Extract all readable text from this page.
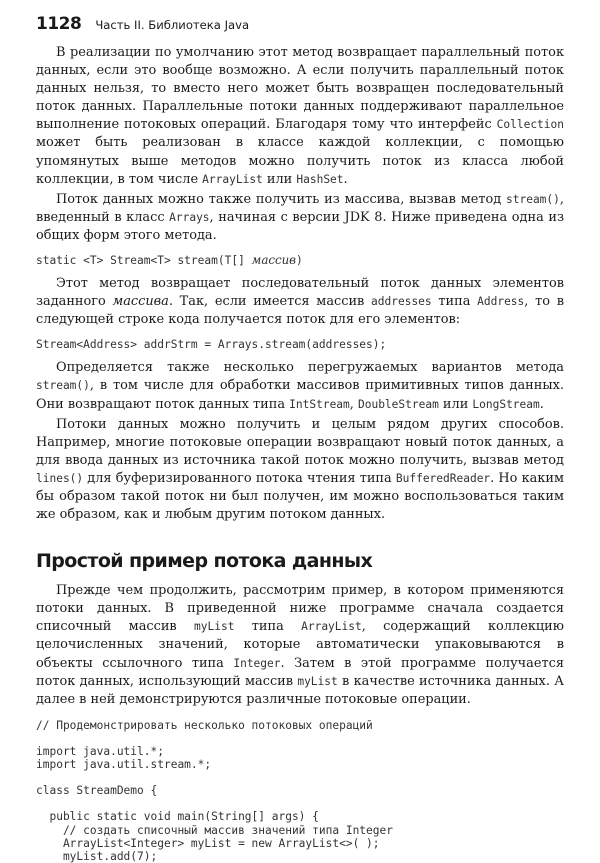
1128 Часть II. Библиотека Java

В реализации по умолчанию этот метод возвращает параллельный поток данных, если это вообще возможно. А если получить параллельный поток данных нельзя, то вместо него может быть возвращен последовательный поток данных. Параллельные потоки данных поддерживают параллельное выполнение потоковых операций. Благодаря тому что интерфейс Collection может быть реализован в классе каждой коллекции, с помощью упомянутых выше методов можно получить поток из класса любой коллекции, в том числе ArrayList или HashSet.

Поток данных можно также получить из массива, вызвав метод stream(), введенный в класс Arrays, начиная с версии JDK 8. Ниже приведена одна из общих форм этого метода.

static <T> Stream<T> stream(T[] массив)

Этот метод возвращает последовательный поток данных элементов заданного массива. Так, если имеется массив addresses типа Address, то в следующей строке кода получается поток для его элементов:

Stream<Address> addrStrm = Arrays.stream(addresses);

Определяется также несколько перегружаемых вариантов метода stream(), в том числе для обработки массивов примитивных типов данных. Они возвращают поток данных типа IntStream, DoubleStream или LongStream.

Потоки данных можно получить и целым рядом других способов. Например, многие потоковые операции возвращают новый поток данных, а для ввода данных из источника такой поток можно получить, вызвав метод lines() для буферизированного потока чтения типа BufferedReader. Но каким бы образом такой поток ни был получен, им можно воспользоваться таким же образом, как и любым другим потоком данных.

Простой пример потока данных

Прежде чем продолжить, рассмотрим пример, в котором применяются потоки данных. В приведенной ниже программе сначала создается списочный массив myList типа ArrayList, содержащий коллекцию целочисленных значений, которые автоматически упаковываются в объекты ссылочного типа Integer. Затем в этой программе получается поток данных, использующий массив myList в качестве источника данных. А далее в ней демонстрируются различные потоковые операции.

// Продемонстрировать несколько потоковых операций

import java.util.*;
import java.util.stream.*;

class StreamDemo {

public static void main(String[] args) {
// создать списочный массив значений типа Integer
ArrayList<Integer> myList = new ArrayList<>( );
myList.add(7);
